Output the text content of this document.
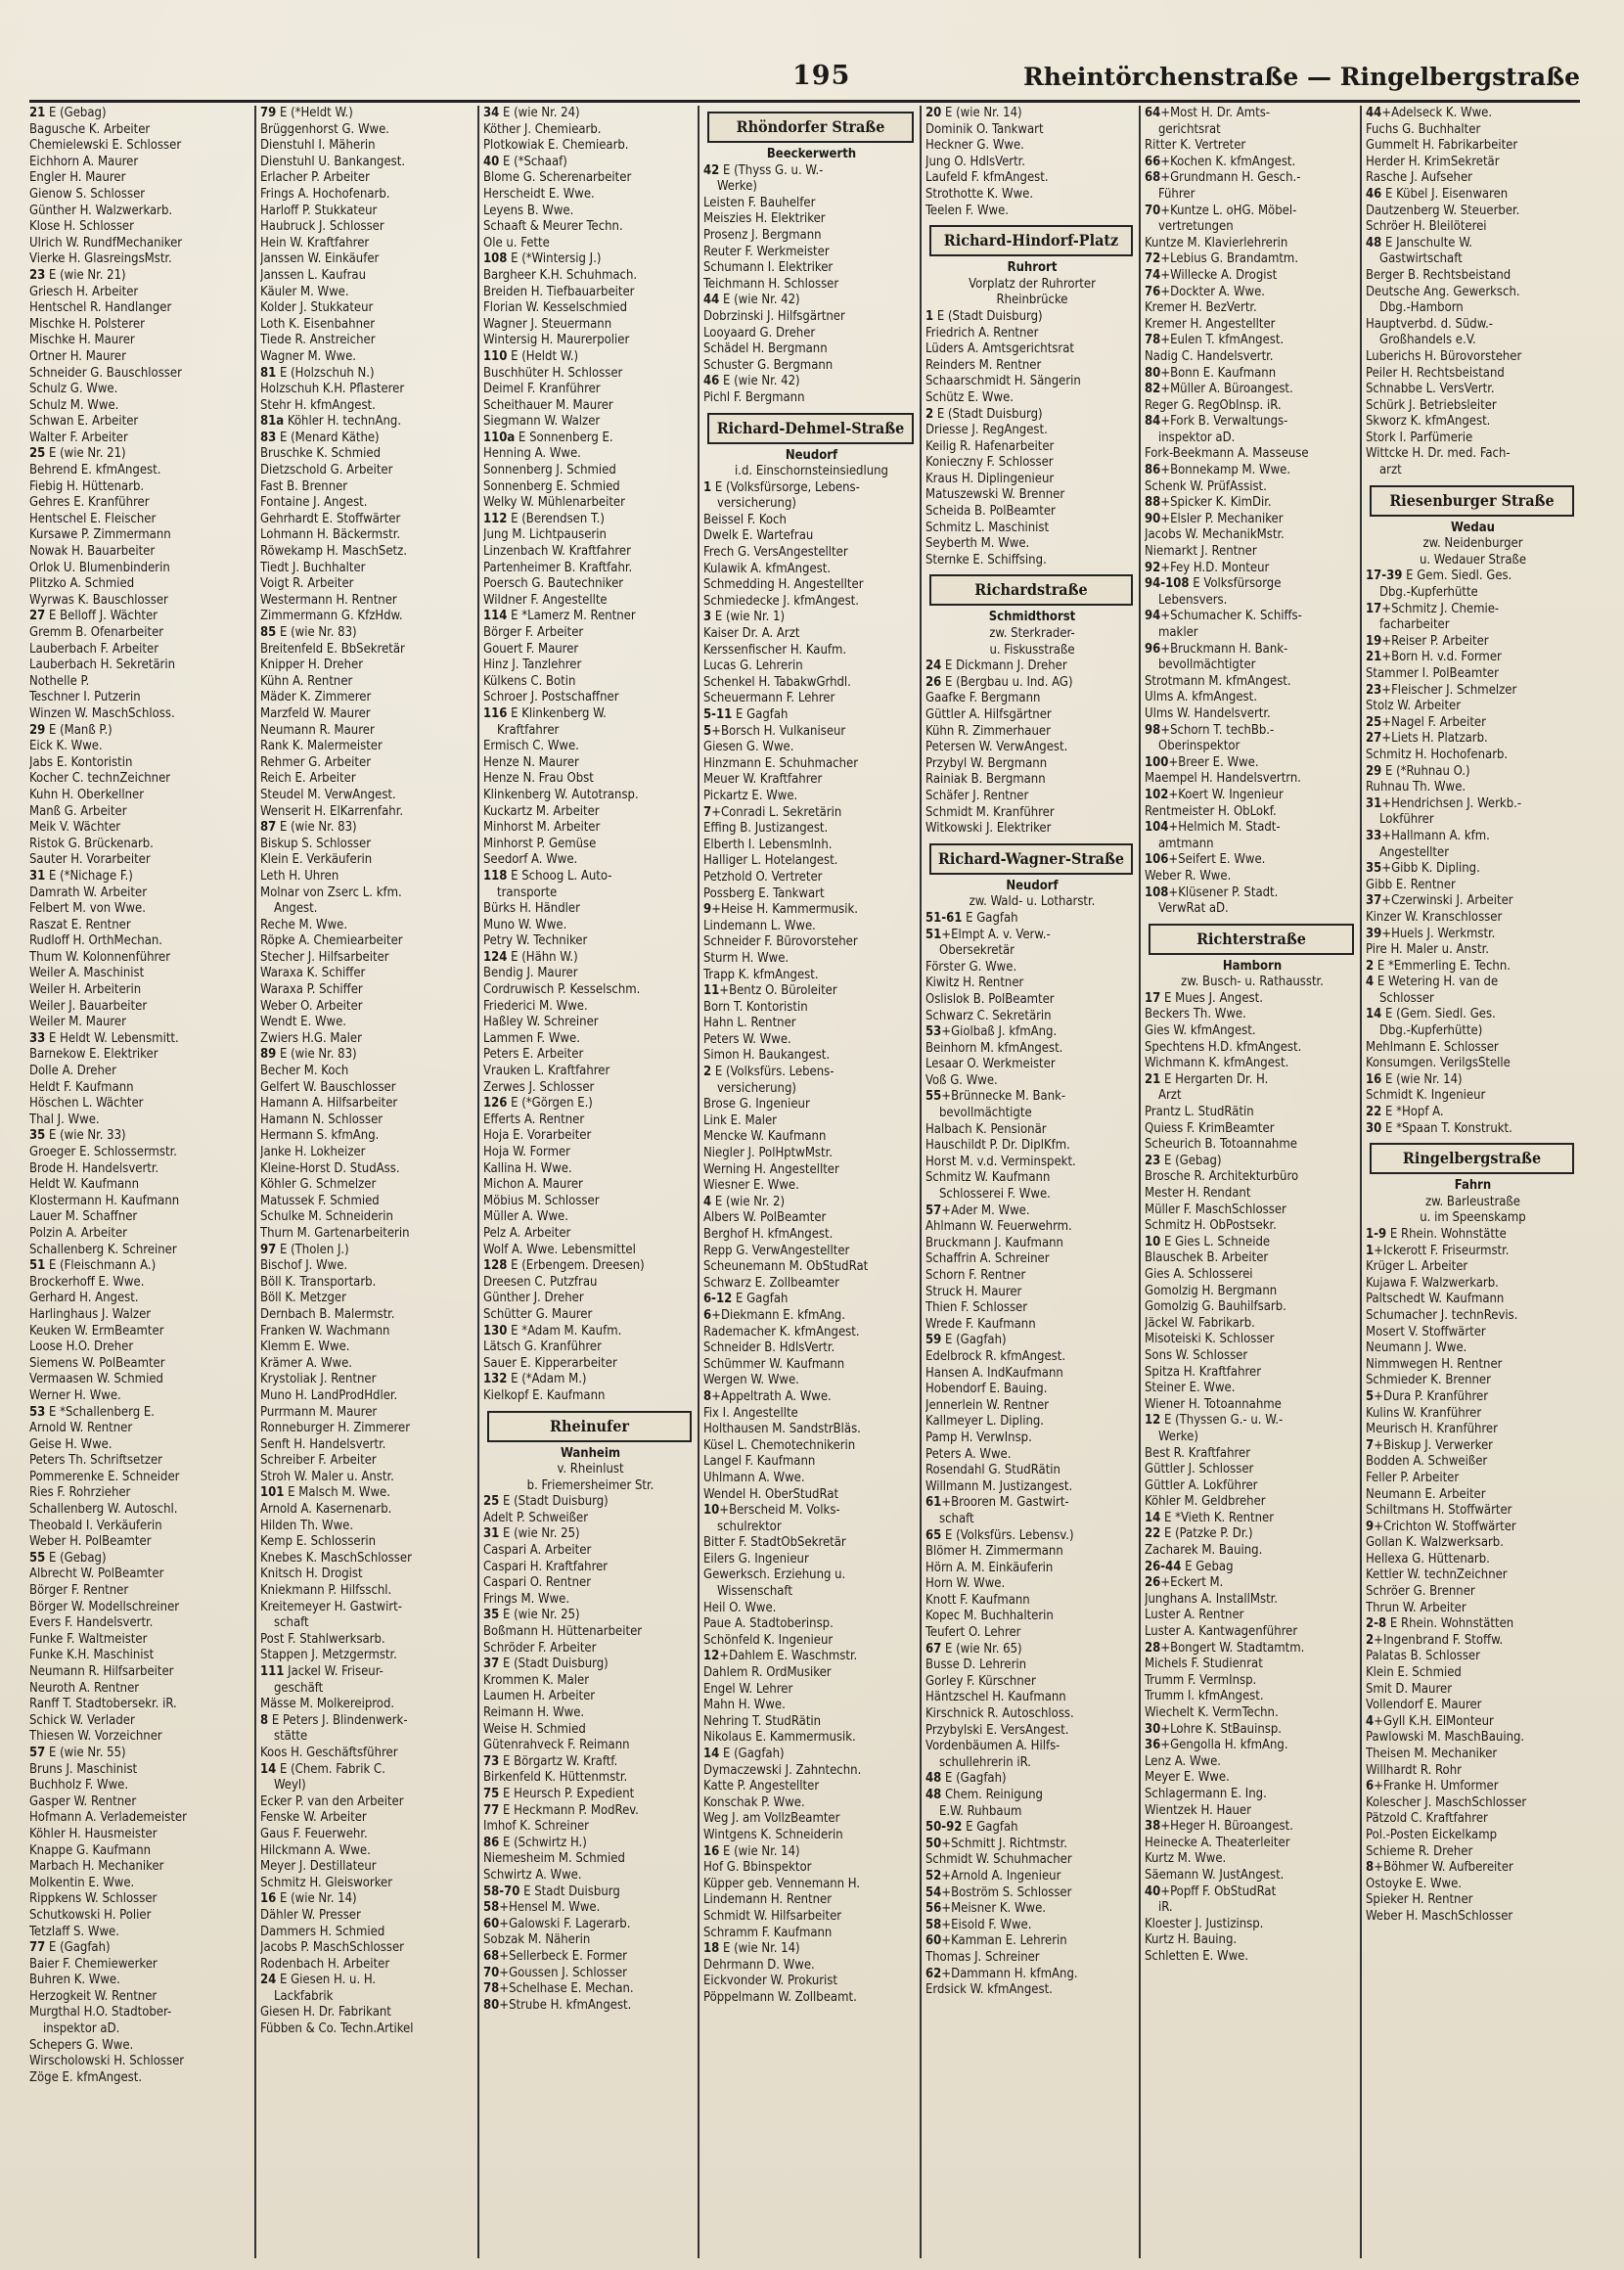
195	Rheintörchenstraße — Ringelbergstraße
21 E (Gebag)
Bagusche K. Arbeiter
Chemielewski E. Schlosser
Eichhorn A. Maurer
Engler H. Maurer
Gienow S. Schlosser
Günther H. Walzwerkarb.
Klose H. Schlosser
Ulrich W. RundfMechaniker
Vierke H. GlasreingsMstr.
23 E (wie Nr. 21)
Griesch H. Arbeiter
Hentschel R. Handlanger
Mischke H. Polsterer
Mischke H. Maurer
Ortner H. Maurer
Schneider G. Bauschlosser
Schulz G. Wwe.
Schulz M. Wwe.
Schwan E. Arbeiter
Walter F. Arbeiter
25 E (wie Nr. 21)
Behrend E. kfmAngest.
Fiebig H. Hüttenarb.
Gehres E. Kranführer
Hentschel E. Fleischer
Kursawe P. Zimmermann
Nowak H. Bauarbeiter
Orlok U. Blumenbinderin
Plitzko A. Schmied
Wyrwas K. Bauschlosser
27 E Belloff J. Wächter
Gremm B. Ofenarbeiter
Lauberbach F. Arbeiter
Lauberbach H. Sekretärin
Nothelle P.
Teschner I. Putzerin
Winzen W. MaschSchloss.
29 E (Manß P.)
Eick K. Wwe.
Jabs E. Kontoristin
Kocher C. technZeichner
Kuhn H. Oberkellner
Manß G. Arbeiter
Meik V. Wächter
Ristok G. Brückenarb.
Sauter H. Vorarbeiter
31 E (*Nichage F.)
Damrath W. Arbeiter
Felbert M. von Wwe.
Raszat E. Rentner
Rudloff H. OrthMechan.
Thum W. Kolonnenführer
Weiler A. Maschinist
Weiler H. Arbeiterin
Weiler J. Bauarbeiter
Weiler M. Maurer
33 E Heldt W. Lebensmitt.
Barnekow E. Elektriker
Dolle A. Dreher
Heldt F. Kaufmann
Höschen L. Wächter
Thal J. Wwe.
35 E (wie Nr. 33)
Groeger E. Schlossermstr.
Brode H. Handelsvertr.
Heldt W. Kaufmann
Klostermann H. Kaufmann
Lauer M. Schaffner
Polzin A. Arbeiter
Schallenberg K. Schreiner
51 E (Fleischmann A.)
Brockerhoff E. Wwe.
Gerhard H. Angest.
Harlinghaus J. Walzer
Keuken W. ErmBeamter
Loose H.O. Dreher
Siemens W. PolBeamter
Vermaasen W. Schmied
Werner H. Wwe.
53 E *Schallenberg E.
Arnold W. Rentner
Geise H. Wwe.
Peters Th. Schriftsetzer
Pommerenke E. Schneider
Ries F. Rohrzieher
Schallenberg W. Autoschl.
Theobald I. Verkäuferin
Weber H. PolBeamter
55 E (Gebag)
Albrecht W. PolBeamter
Börger F. Rentner
Börger W. Modellschreiner
Evers F. Handelsvertr.
Funke F. Waltmeister
Funke K.H. Maschinist
Neumann R. Hilfsarbeiter
Neuroth A. Rentner
Ranff T. Stadtobersekr. iR.
Schick W. Verlader
Thiesen W. Vorzeichner
57 E (wie Nr. 55)
Bruns J. Maschinist
Buchholz F. Wwe.
Gasper W. Rentner
Hofmann A. Verlademeister
Köhler H. Hausmeister
Knappe G. Kaufmann
Marbach H. Mechaniker
Molkentin E. Wwe.
Rippkens W. Schlosser
Schutkowski H. Polier
Tetzlaff S. Wwe.
77 E (Gagfah)
Baier F. Chemiewerker
Buhren K. Wwe.
Herzogkeit W. Rentner
Murgthal H.O. Stadtober-
inspektor aD.
Schepers G. Wwe.
Wirscholowski H. Schlosser
Zöge E. kfmAngest.
79 E (*Heldt W.)
Brüggenhorst G. Wwe.
Dienstuhl I. Mäherin
Dienstuhl U. Bankangest.
Erlacher P. Arbeiter
Frings A. Hochofenarb.
Harloff P. Stukkateur
Haubruck J. Schlosser
Hein W. Kraftfahrer
Janssen W. Einkäufer
Janssen L. Kaufrau
Käuler M. Wwe.
Kolder J. Stukkateur
Loth K. Eisenbahner
Tiede R. Anstreicher
Wagner M. Wwe.
81 E (Holzschuh N.)
Holzschuh K.H. Pflasterer
Stehr H. kfmAngest.
81a Köhler H. technAng.
83 E (Menard Käthe)
Bruschke K. Schmied
Dietzschold G. Arbeiter
Fast B. Brenner
Fontaine J. Angest.
Gehrhardt E. Stoffwärter
Lohmann H. Bäckermstr.
Röwekamp H. MaschSetz.
Tiedt J. Buchhalter
Voigt R. Arbeiter
Westermann H. Rentner
Zimmermann G. KfzHdw.
85 E (wie Nr. 83)
Breitenfeld E. BbSekretär
Knipper H. Dreher
Kühn A. Rentner
Mäder K. Zimmerer
Marzfeld W. Maurer
Neumann R. Maurer
Rank K. Malermeister
Rehmer G. Arbeiter
Reich E. Arbeiter
Steudel M. VerwAngest.
Wenserit H. ElKarrenfahr.
87 E (wie Nr. 83)
Biskup S. Schlosser
Klein E. Verkäuferin
Leth H. Uhren
Molnar von Zserc L. kfm.
Angest.
Reche M. Wwe.
Röpke A. Chemiearbeiter
Stecher J. Hilfsarbeiter
Waraxa K. Schiffer
Waraxa P. Schiffer
Weber O. Arbeiter
Wendt E. Wwe.
Zwiers H.G. Maler
89 E (wie Nr. 83)
Becher M. Koch
Gelfert W. Bauschlosser
Hamann A. Hilfsarbeiter
Hamann N. Schlosser
Hermann S. kfmAng.
Janke H. Lokheizer
Kleine-Horst D. StudAss.
Köhler G. Schmelzer
Matussek F. Schmied
Schulke M. Schneiderin
Thurn M. Gartenarbeiterin
97 E (Tholen J.)
Bischof J. Wwe.
Böll K. Transportarb.
Böll K. Metzger
Dernbach B. Malermstr.
Franken W. Wachmann
Klemm E. Wwe.
Krämer A. Wwe.
Krystoliak J. Rentner
Muno H. LandProdHdler.
Purrmann M. Maurer
Ronneburger H. Zimmerer
Senft H. Handelsvertr.
Schreiber F. Arbeiter
Stroh W. Maler u. Anstr.
101 E Malsch M. Wwe.
Arnold A. Kasernenarb.
Hilden Th. Wwe.
Kemp E. Schlosserin
Knebes K. MaschSchlosser
Knitsch H. Drogist
Kniekmann P. Hilfsschl.
Kreitemeyer H. Gastwirt-
schaft
Post F. Stahlwerksarb.
Stappen J. Metzgermstr.
111 Jackel W. Friseur-
geschäft
Mässe M. Molkereiprod.
8 E Peters J. Blindenwerk-
stätte
Koos H. Geschäftsführer
14 E (Chem. Fabrik C.
Weyl)
Ecker P. van den Arbeiter
Fenske W. Arbeiter
Gaus F. Feuerwehr.
Hilckmann A. Wwe.
Meyer J. Destillateur
Schmitz H. Gleisworker
16 E (wie Nr. 14)
Dähler W. Presser
Dammers H. Schmied
Jacobs P. MaschSchlosser
Rodenbach H. Arbeiter
24 E Giesen H. u. H.
Lackfabrik
Giesen H. Dr. Fabrikant
Fübben & Co. Techn.Artikel
34 E (wie Nr. 24)
Köther J. Chemiearb.
Plotkowiak E. Chemiearb.
40 E (*Schaaf)
Blome G. Scherenarbeiter
Herscheidt E. Wwe.
Leyens B. Wwe.
Schaaft & Meurer Techn.
Öle u. Fette
108 E (*Wintersig J.)
Bargheer K.H. Schuhmach.
Breiden H. Tiefbauarbeiter
Florian W. Kesselschmied
Wagner J. Steuermann
Wintersig H. Maurerpolier
110 E (Heldt W.)
Buschhüter H. Schlosser
Deimel F. Kranführer
Scheithauer M. Maurer
Siegmann W. Walzer
110a E Sonnenberg E.
Henning A. Wwe.
Sonnenberg J. Schmied
Sonnenberg E. Schmied
Welky W. Mühlenarbeiter
112 E (Berendsen T.)
Jung M. Lichtpauserin
Linzenbach W. Kraftfahrer
Partenheimer B. Kraftfahr.
Poersch G. Bautechniker
Wildner F. Angestellte
114 E *Lamerz M. Rentner
Börger F. Arbeiter
Gouert F. Maurer
Hinz J. Tanzlehrer
Külkens C. Botin
Schroer J. Postschaffner
116 E Klinkenberg W.
Kraftfahrer
Ermisch C. Wwe.
Henze N. Maurer
Henze N. Frau Obst
Klinkenberg W. Autotransp.
Kuckartz M. Arbeiter
Minhorst M. Arbeiter
Minhorst P. Gemüse
Seedorf A. Wwe.
118 E Schoog L. Auto-
transporte
Bürks H. Händler
Muno W. Wwe.
Petry W. Techniker
124 E (Hähn W.)
Bendig J. Maurer
Cordruwisch P. Kesselschm.
Friederici M. Wwe.
Haßley W. Schreiner
Lammen F. Wwe.
Peters E. Arbeiter
Vrauken L. Kraftfahrer
Zerwes J. Schlosser
126 E (*Görgen E.)
Efferts A. Rentner
Hoja E. Vorarbeiter
Hoja W. Former
Kallina H. Wwe.
Michon A. Maurer
Möbius M. Schlosser
Müller A. Wwe.
Pelz A. Arbeiter
Wolf A. Wwe. Lebensmittel
128 E (Erbengem. Dreesen)
Dreesen C. Putzfrau
Günther J. Dreher
Schütter G. Maurer
130 E *Adam M. Kaufm.
Lätsch G. Kranführer
Sauer E. Kipperarbeiter
132 E (*Adam M.)
Kielkopf E. Kaufmann
Rheinufer
Wanheim
v. Rheinlust
b. Friemersheimer Str.
25 E (Stadt Duisburg)
Adelt P. Schweißer
31 E (wie Nr. 25)
Caspari A. Arbeiter
Caspari H. Kraftfahrer
Caspari O. Rentner
Frings M. Wwe.
35 E (wie Nr. 25)
Boßmann H. Hüttenarbeiter
Schröder F. Arbeiter
37 E (Stadt Duisburg)
Krommen K. Maler
Laumen H. Arbeiter
Reimann H. Wwe.
Weise H. Schmied
Gütenrahveck F. Reimann
73 E Börgartz W. Kraftf.
Birkenfeld K. Hüttenmstr.
75 E Heursch P. Expedient
77 E Heckmann P. ModRev.
Imhof K. Schreiner
86 E (Schwirtz H.)
Niemesheim M. Schmied
Schwirtz A. Wwe.
58-70 E Stadt Duisburg
58+Hensel M. Wwe.
60+Galowski F. Lagerarb.
Sobzak M. Näherin
68+Sellerbeck E. Former
70+Goussen J. Schlosser
78+Schelhase E. Mechan.
80+Strube H. kfmAngest.
Rhöndorfer Straße
Beeckerwerth
42 E (Thyss G. u. W.-
Werke)
Leisten F. Bauhelfer
Meiszies H. Elektriker
Prosenz J. Bergmann
Reuter F. Werkmeister
Schumann I. Elektriker
Teichmann H. Schlosser
44 E (wie Nr. 42)
Dobrzinski J. Hilfsgärtner
Looyaard G. Dreher
Schädel H. Bergmann
Schuster G. Bergmann
46 E (wie Nr. 42)
Pichl F. Bergmann
Richard-Dehmel-Straße
Neudorf
i.d. Einschornsteinsiedlung
1 E (Volksfürsorge, Lebens-
versicherung)
Beissel F. Koch
Dwelk E. Wartefrau
Frech G. VersAngestellter
Kulawik A. kfmAngest.
Schmedding H. Angestellter
Schmiedecke J. kfmAngest.
3 E (wie Nr. 1)
Kaiser Dr. A. Arzt
Kerssenfischer H. Kaufm.
Lucas G. Lehrerin
Schenkel H. TabakwGrhdl.
Scheuermann F. Lehrer
5-11 E Gagfah
5+Borsch H. Vulkaniseur
Giesen G. Wwe.
Hinzmann E. Schuhmacher
Meuer W. Kraftfahrer
Pickartz E. Wwe.
7+Conradi L. Sekretärin
Effing B. Justizangest.
Elberth I. Lebensmlnh.
Halliger L. Hotelangest.
Petzhold O. Vertreter
Possberg E. Tankwart
9+Heise H. Kammermusik.
Lindemann L. Wwe.
Schneider F. Bürovorsteher
Sturm H. Wwe.
Trapp K. kfmAngest.
11+Bentz O. Büroleiter
Born T. Kontoristin
Hahn L. Rentner
Peters W. Wwe.
Simon H. Baukangest.
2 E (Volksfürs. Lebens-
versicherung)
Brose G. Ingenieur
Link E. Maler
Mencke W. Kaufmann
Niegler J. PolHptwMstr.
Werning H. Angestellter
Wiesner E. Wwe.
4 E (wie Nr. 2)
Albers W. PolBeamter
Berghof H. kfmAngest.
Repp G. VerwAngestellter
Scheunemann M. ObStudRat
Schwarz E. Zollbeamter
6-12 E Gagfah
6+Diekmann E. kfmAng.
Rademacher K. kfmAngest.
Schneider B. HdlsVertr.
Schümmer W. Kaufmann
Wergen W. Wwe.
8+Appeltrath A. Wwe.
Fix I. Angestellte
Holthausen M. SandstrBläs.
Küsel L. Chemotechnikerin
Langel F. Kaufmann
Uhlmann A. Wwe.
Wendel H. OberStudRat
10+Berscheid M. Volks-
schulrektor
Bitter F. StadtObSekretär
Eilers G. Ingenieur
Gewerksch. Erziehung u.
Wissenschaft
Heil O. Wwe.
Paue A. Stadtoberinsp.
Schönfeld K. Ingenieur
12+Dahlem E. Waschmstr.
Dahlem R. OrdMusiker
Engel W. Lehrer
Mahn H. Wwe.
Nehring T. StudRätin
Nikolaus E. Kammermusik.
14 E (Gagfah)
Dymaczewski J. Zahntechn.
Katte P. Angestellter
Konschak P. Wwe.
Weg J. am VollzBeamter
Wintgens K. Schneiderin
16 E (wie Nr. 14)
Hof G. Bbinspektor
Küpper geb. Vennemann H.
Lindemann H. Rentner
Schmidt W. Hilfsarbeiter
Schramm F. Kaufmann
18 E (wie Nr. 14)
Dehrmann D. Wwe.
Eickvonder W. Prokurist
Pöppelmann W. Zollbeamt.
20 E (wie Nr. 14)
Dominik O. Tankwart
Heckner G. Wwe.
Jung O. HdlsVertr.
Laufeld F. kfmAngest.
Strothotte K. Wwe.
Teelen F. Wwe.
Richard-Hindorf-Platz
Ruhrort
Vorplatz der Ruhrorter
Rheinbrücke
1 E (Stadt Duisburg)
Friedrich A. Rentner
Lüders A. Amtsgerichtsrat
Reinders M. Rentner
Schaarschmidt H. Sängerin
Schütz E. Wwe.
2 E (Stadt Duisburg)
Driesse J. RegAngest.
Keilig R. Hafenarbeiter
Konieczny F. Schlosser
Kraus H. Diplingenieur
Matuszewski W. Brenner
Scheida B. PolBeamter
Schmitz L. Maschinist
Seyberth M. Wwe.
Sternke E. Schiffsing.
Richardstraße
Schmidthorst
zw. Sterkrader-
u. Fiskusstraße
24 E Dickmann J. Dreher
26 E (Bergbau u. Ind. AG)
Gaafke F. Bergmann
Güttler A. Hilfsgärtner
Kühn R. Zimmerhauer
Petersen W. VerwAngest.
Przybyl W. Bergmann
Rainiak B. Bergmann
Schäfer J. Rentner
Schmidt M. Kranführer
Witkowski J. Elektriker
Richard-Wagner-Straße
Neudorf
zw. Wald- u. Lotharstr.
51-61 E Gagfah
51+Elmpt A. v. Verw.-
Obersekretär
Förster G. Wwe.
Kiwitz H. Rentner
Oslislok B. PolBeamter
Schwarz C. Sekretärin
53+Giolbaß J. kfmAng.
Beinhorn M. kfmAngest.
Lesaar O. Werkmeister
Voß G. Wwe.
55+Brünnecke M. Bank-
bevollmächtigte
Halbach K. Pensionär
Hauschildt P. Dr. DiplKfm.
Horst M. v.d. Verminspekt.
Schmitz W. Kaufmann
Schlosserei F. Wwe.
57+Ader M. Wwe.
Ahlmann W. Feuerwehrm.
Bruckmann J. Kaufmann
Schaffrin A. Schreiner
Schorn F. Rentner
Struck H. Maurer
Thien F. Schlosser
Wrede F. Kaufmann
59 E (Gagfah)
Edelbrock R. kfmAngest.
Hansen A. IndKaufmann
Hobendorf E. Bauing.
Jennerlein W. Rentner
Kallmeyer L. Dipling.
Pamp H. VerwInsp.
Peters A. Wwe.
Rosendahl G. StudRätin
Willmann M. Justizangest.
61+Brooren M. Gastwirt-
schaft
65 E (Volksfürs. Lebensv.)
Blömer H. Zimmermann
Hörn A. M. Einkäuferin
Horn W. Wwe.
Knott F. Kaufmann
Kopec M. Buchhalterin
Teufert O. Lehrer
67 E (wie Nr. 65)
Busse D. Lehrerin
Gorley F. Kürschner
Häntzschel H. Kaufmann
Kirschnick R. Autoschloss.
Przybylski E. VersAngest.
Vordenbäumen A. Hilfs-
schullehrerin iR.
48 E (Gagfah)
48 Chem. Reinigung
E.W. Ruhbaum
50-92 E Gagfah
50+Schmitt J. Richtmstr.
Schmidt W. Schuhmacher
52+Arnold A. Ingenieur
54+Boström S. Schlosser
56+Meisner K. Wwe.
58+Eisold F. Wwe.
60+Kamman E. Lehrerin
Thomas J. Schreiner
62+Dammann H. kfmAng.
Erdsick W. kfmAngest.
64+Most H. Dr. Amts-
gerichtsrat
Ritter K. Vertreter
66+Kochen K. kfmAngest.
68+Grundmann H. Gesch.-
Führer
70+Kuntze L. oHG. Möbel-
vertretungen
Kuntze M. Klavierlehrerin
72+Lebius G. Brandamtm.
74+Willecke A. Drogist
76+Dockter A. Wwe.
Kremer H. BezVertr.
Kremer H. Angestellter
78+Eulen T. kfmAngest.
Nadig C. Handelsvertr.
80+Bonn E. Kaufmann
82+Müller A. Büroangest.
Reger G. RegObInsp. iR.
84+Fork B. Verwaltungs-
inspektor aD.
Fork-Beekmann A. Masseuse
86+Bonnekamp M. Wwe.
Schenk W. PrüfAssist.
88+Spicker K. KimDir.
90+Elsler P. Mechaniker
Jacobs W. MechanikMstr.
Niemarkt J. Rentner
92+Fey H.D. Monteur
94-108 E Volksfürsorge
Lebensvers.
94+Schumacher K. Schiffs-
makler
96+Bruckmann H. Bank-
bevollmächtigter
Strotmann M. kfmAngest.
Ulms A. kfmAngest.
Ulms W. Handelsvertr.
98+Schorn T. techBb.-
Oberinspektor
100+Breer E. Wwe.
Maempel H. Handelsvertrn.
102+Koert W. Ingenieur
Rentmeister H. ObLokf.
104+Helmich M. Stadt-
amtmann
106+Seifert E. Wwe.
Weber R. Wwe.
108+Klüsener P. Stadt.
VerwRat aD.
Richterstraße
Hamborn
zw. Busch- u. Rathausstr.
17 E Mues J. Angest.
Beckers Th. Wwe.
Gies W. kfmAngest.
Spechtens H.D. kfmAngest.
Wichmann K. kfmAngest.
21 E Hergarten Dr. H.
Arzt
Prantz L. StudRätin
Quiess F. KrimBeamter
Scheurich B. Totoannahme
23 E (Gebag)
Brosche R. Architekturbüro
Mester H. Rendant
Müller F. MaschSchlosser
Schmitz H. ObPostsekr.
10 E Gies L. Schneide
Blauschek B. Arbeiter
Gies A. Schlosserei
Gomolzig H. Bergmann
Gomolzig G. Bauhilfsarb.
Jäckel W. Fabrikarb.
Misoteiski K. Schlosser
Sons W. Schlosser
Spitza H. Kraftfahrer
Steiner E. Wwe.
Wiener H. Totoannahme
12 E (Thyssen G.- u. W.-
Werke)
Best R. Kraftfahrer
Güttler J. Schlosser
Güttler A. Lokführer
Köhler M. Geldbreher
14 E *Vieth K. Rentner
22 E (Patzke P. Dr.)
Zacharek M. Bauing.
26-44 E Gebag
26+Eckert M.
Junghans A. InstallMstr.
Luster A. Rentner
Luster A. Kantwagenführer
28+Bongert W. Stadtamtm.
Michels F. Studienrat
Trumm F. VermInsp.
Trumm I. kfmAngest.
Wiechelt K. VermTechn.
30+Lohre K. StBauinsp.
36+Gengolla H. kfmAng.
Lenz A. Wwe.
Meyer E. Wwe.
Schlagermann E. Ing.
Wientzek H. Hauer
38+Heger H. Büroangest.
Heinecke A. Theaterleiter
Kurtz M. Wwe.
Säemann W. JustAngest.
40+Popff F. ObStudRat
iR.
Kloester J. Justizinsp.
Kurtz H. Bauing.
Schletten E. Wwe.
44+Adelseck K. Wwe.
Fuchs G. Buchhalter
Gummelt H. Fabrikarbeiter
Herder H. KrimSekretär
Rasche J. Aufseher
46 E Kübel J. Eisenwaren
Dautzenberg W. Steuerber.
Schröer H. Bleilöterei
48 E Janschulte W.
Gastwirtschaft
Berger B. Rechtsbeistand
Deutsche Ang. Gewerksch.
Dbg.-Hamborn
Hauptverbd. d. Südw.-
Großhandels e.V.
Luberichs H. Bürovorsteher
Peiler H. Rechtsbeistand
Schnabbe L. VersVertr.
Schürk J. Betriebsleiter
Skworz K. kfmAngest.
Stork I. Parfümerie
Wittcke H. Dr. med. Fach-
arzt
Riesenburger Straße
Wedau
zw. Neidenburger
u. Wedauer Straße
17-39 E Gem. Siedl. Ges.
Dbg.-Kupferhütte
17+Schmitz J. Chemie-
facharbeiter
19+Reiser P. Arbeiter
21+Born H. v.d. Former
Stammer I. PolBeamter
23+Fleischer J. Schmelzer
Stolz W. Arbeiter
25+Nagel F. Arbeiter
27+Liets H. Platzarb.
Schmitz H. Hochofenarb.
29 E (*Ruhnau O.)
Ruhnau Th. Wwe.
31+Hendrichsen J. Werkb.-
Lokführer
33+Hallmann A. kfm.
Angestellter
35+Gibb K. Dipling.
Gibb E. Rentner
37+Czerwinski J. Arbeiter
Kinzer W. Kranschlosser
39+Huels J. Werkmstr.
Pire H. Maler u. Anstr.
2 E *Emmerling E. Techn.
4 E Wetering H. van de
Schlosser
14 E (Gem. Siedl. Ges.
Dbg.-Kupferhütte)
Mehlmann E. Schlosser
Konsumgen. VerilgsStelle
16 E (wie Nr. 14)
Schmidt K. Ingenieur
22 E *Hopf A.
30 E *Spaan T. Konstrukt.
Ringelbergstraße
Fahrn
zw. Barleustraße
u. im Speenskamp
1-9 E Rhein. Wohnstätte
1+Ickerott F. Friseurmstr.
Krüger L. Arbeiter
Kujawa F. Walzwerkarb.
Paltschedt W. Kaufmann
Schumacher J. technRevis.
Mosert V. Stoffwärter
Neumann J. Wwe.
Nimmwegen H. Rentner
Schmieder K. Brenner
5+Dura P. Kranführer
Kulins W. Kranführer
Meurisch H. Kranführer
7+Biskup J. Verwerker
Bodden A. Schweißer
Feller P. Arbeiter
Neumann E. Arbeiter
Schiltmans H. Stoffwärter
9+Crichton W. Stoffwärter
Gollan K. Walzwerksarb.
Hellexa G. Hüttenarb.
Kettler W. technZeichner
Schröer G. Brenner
Thrun W. Arbeiter
2-8 E Rhein. Wohnstätten
2+Ingenbrand F. Stoffw.
Palatas B. Schlosser
Klein E. Schmied
Smit D. Maurer
Vollendorf E. Maurer
4+Gyll K.H. ElMonteur
Pawlowski M. MaschBauing.
Theisen M. Mechaniker
Willhardt R. Rohr
6+Franke H. Umformer
Kolescher J. MaschSchlosser
Pätzold C. Kraftfahrer
Pol.-Posten Eickelkamp
Schieme R. Dreher
8+Böhmer W. Aufbereiter
Ostoyke E. Wwe.
Spieker H. Rentner
Weber H. MaschSchlosser
